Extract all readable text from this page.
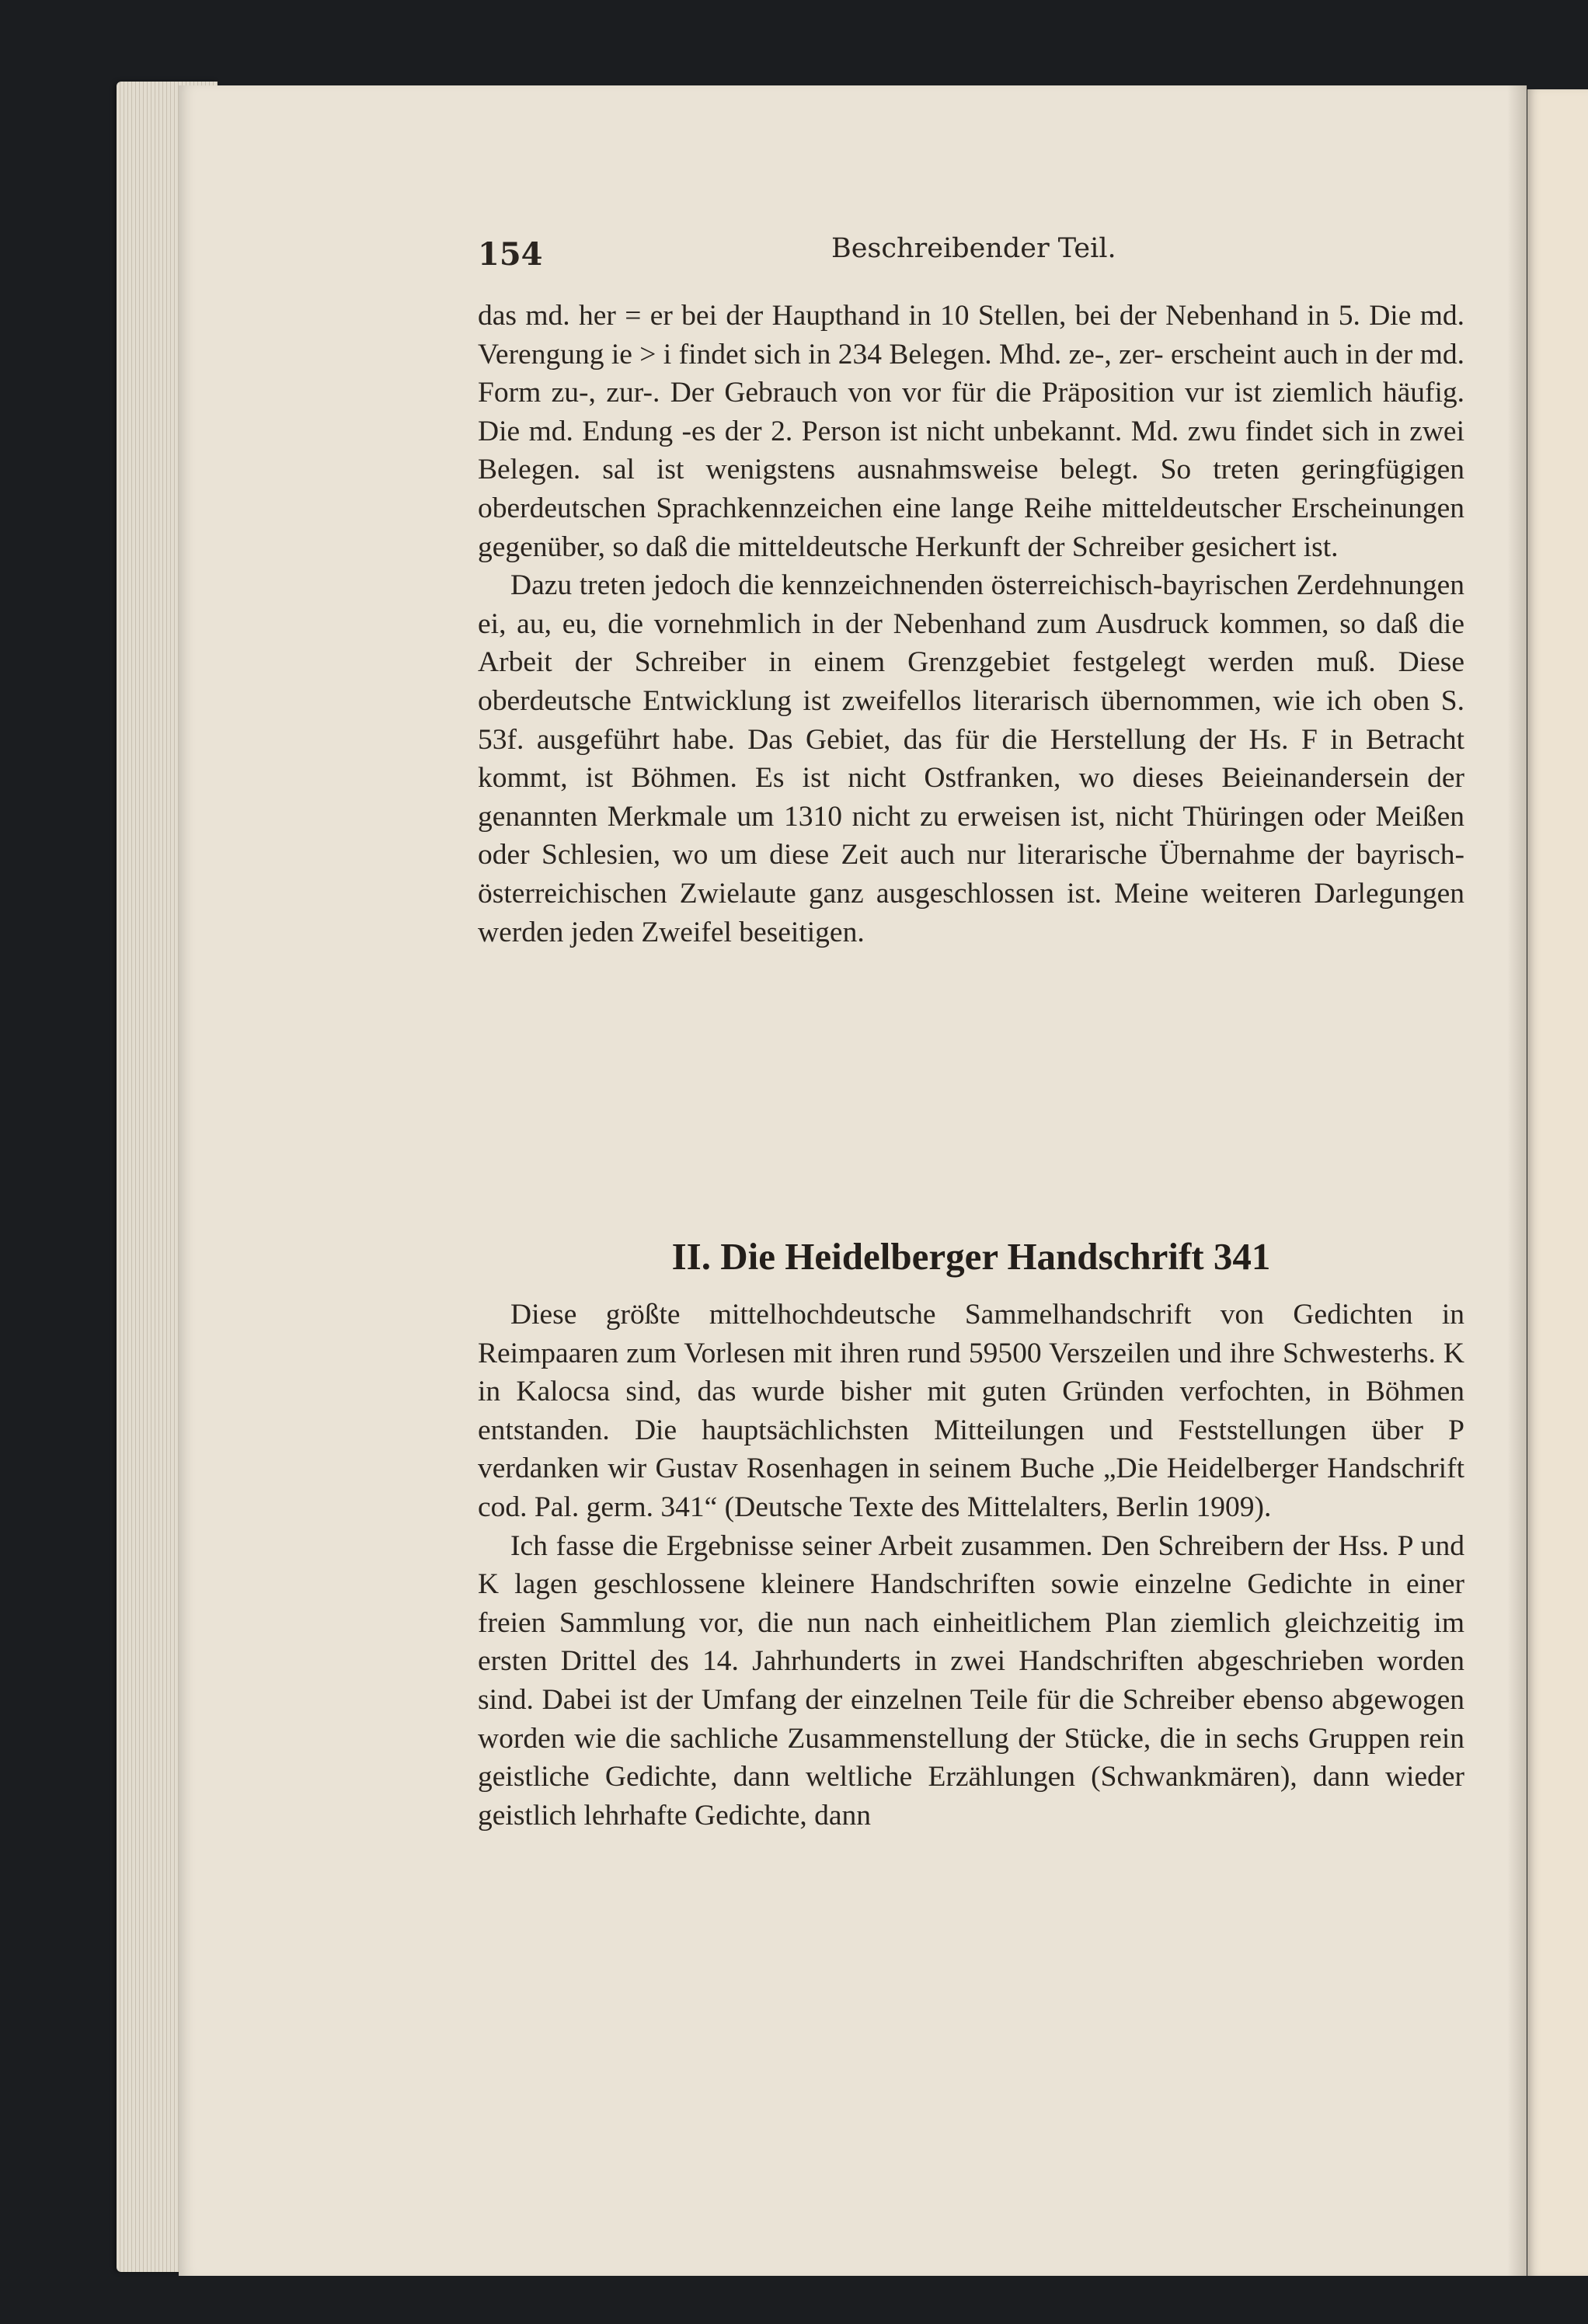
154	Beschreibender Teil.

das md. her = er bei der Haupthand in 10 Stellen, bei der Nebenhand in 5. Die md. Verengung ie > i findet sich in 234 Belegen. Mhd. ze-, zer- erscheint auch in der md. Form zu-, zur-. Der Gebrauch von vor für die Präposition vur ist ziemlich häufig. Die md. Endung -es der 2. Person ist nicht unbekannt. Md. zwu findet sich in zwei Belegen. sal ist wenigstens ausnahmsweise belegt. So treten geringfügigen oberdeutschen Sprachkennzeichen eine lange Reihe mitteldeutscher Erscheinungen gegenüber, so daß die mitteldeutsche Herkunft der Schreiber gesichert ist.

Dazu treten jedoch die kennzeichnenden österreichisch-bayrischen Zerdehnungen ei, au, eu, die vornehmlich in der Nebenhand zum Ausdruck kommen, so daß die Arbeit der Schreiber in einem Grenzgebiet festgelegt werden muß. Diese oberdeutsche Entwicklung ist zweifellos literarisch übernommen, wie ich oben S. 53f. ausgeführt habe. Das Gebiet, das für die Herstellung der Hs. F in Betracht kommt, ist Böhmen. Es ist nicht Ostfranken, wo dieses Beieinandersein der genannten Merkmale um 1310 nicht zu erweisen ist, nicht Thüringen oder Meißen oder Schlesien, wo um diese Zeit auch nur literarische Übernahme der bayrisch-österreichischen Zwielaute ganz ausgeschlossen ist. Meine weiteren Darlegungen werden jeden Zweifel beseitigen.

II. Die Heidelberger Handschrift 341

Diese größte mittelhochdeutsche Sammelhandschrift von Gedichten in Reimpaaren zum Vorlesen mit ihren rund 59500 Verszeilen und ihre Schwesterhs. K in Kalocsa sind, das wurde bisher mit guten Gründen verfochten, in Böhmen entstanden. Die hauptsächlichsten Mitteilungen und Feststellungen über P verdanken wir Gustav Rosenhagen in seinem Buche „Die Heidelberger Handschrift cod. Pal. germ. 341“ (Deutsche Texte des Mittelalters, Berlin 1909).

Ich fasse die Ergebnisse seiner Arbeit zusammen. Den Schreibern der Hss. P und K lagen geschlossene kleinere Handschriften sowie einzelne Gedichte in einer freien Sammlung vor, die nun nach einheitlichem Plan ziemlich gleichzeitig im ersten Drittel des 14. Jahrhunderts in zwei Handschriften abgeschrieben worden sind. Dabei ist der Umfang der einzelnen Teile für die Schreiber ebenso abgewogen worden wie die sachliche Zusammenstellung der Stücke, die in sechs Gruppen rein geistliche Gedichte, dann weltliche Erzählungen (Schwankmären), dann wieder geistlich lehrhafte Gedichte, dann
